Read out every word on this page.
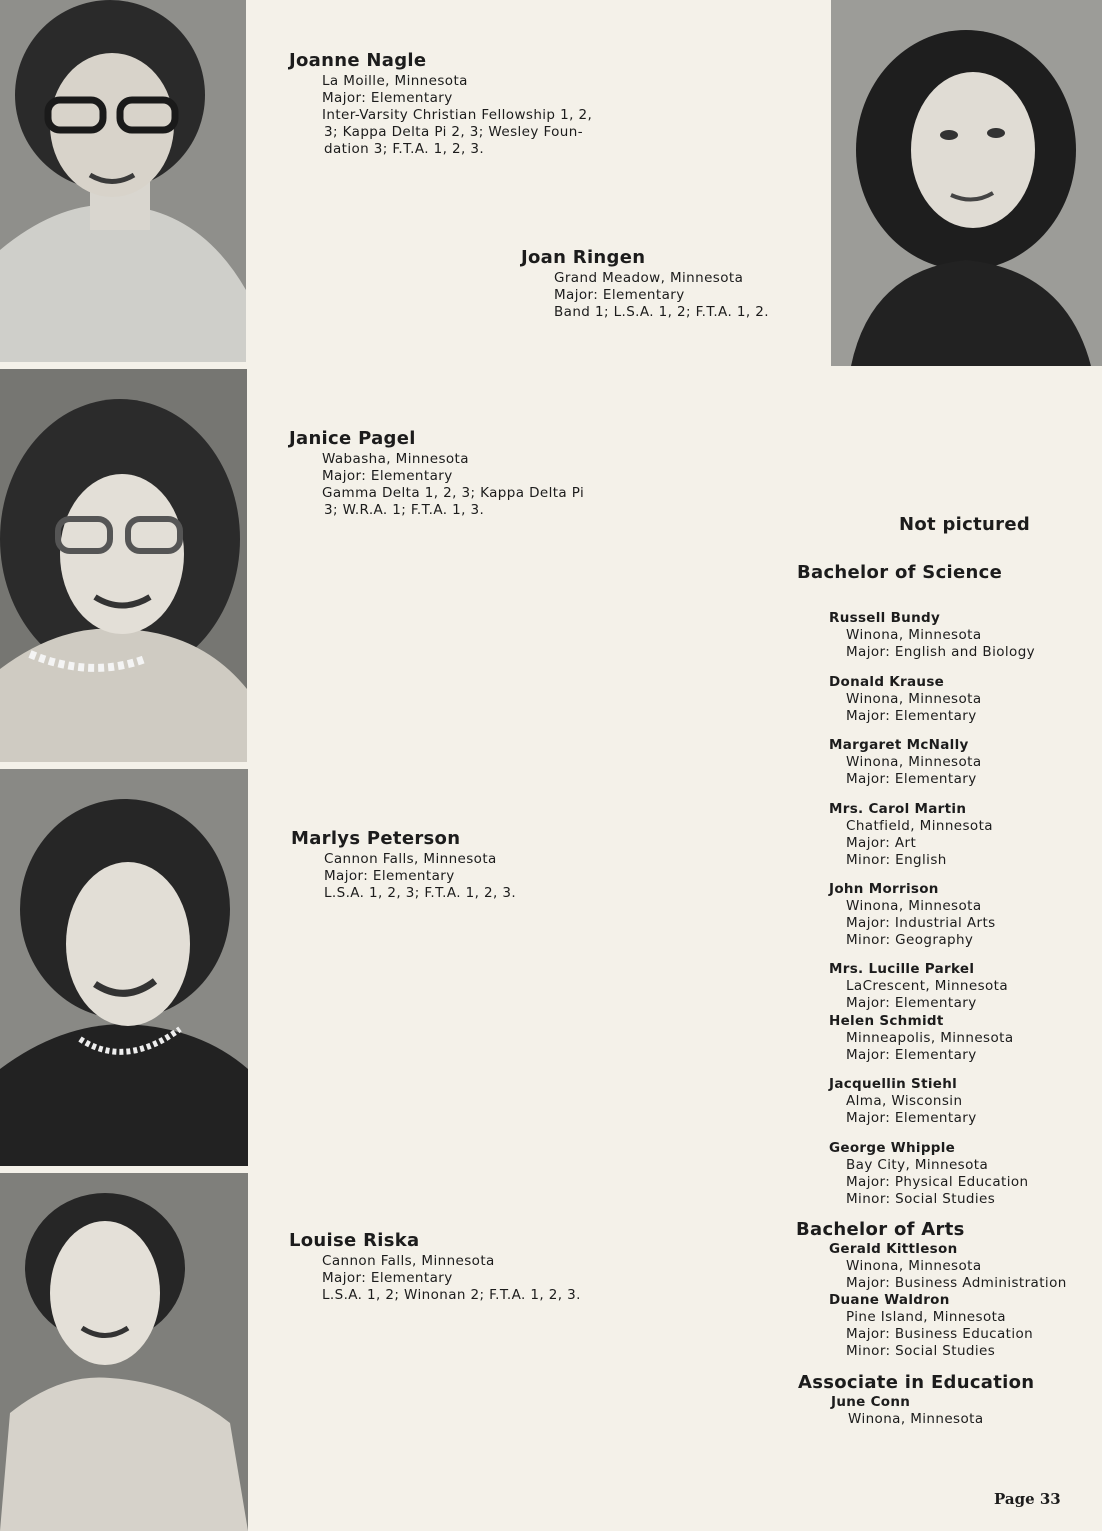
Joanne Nagle
La Moille, Minnesota
Major: Elementary
Inter-Varsity Christian Fellowship 1, 2,
3; Kappa Delta Pi 2, 3; Wesley Foun-
dation 3; F.T.A. 1, 2, 3.
Joan Ringen
Grand Meadow, Minnesota
Major: Elementary
Band 1; L.S.A. 1, 2; F.T.A. 1, 2.
Janice Pagel
Wabasha, Minnesota
Major: Elementary
Gamma Delta 1, 2, 3; Kappa Delta Pi
3; W.R.A. 1; F.T.A. 1, 3.
Marlys Peterson
Cannon Falls, Minnesota
Major: Elementary
L.S.A. 1, 2, 3; F.T.A. 1, 2, 3.
Louise Riska
Cannon Falls, Minnesota
Major: Elementary
L.S.A. 1, 2; Winonan 2; F.T.A. 1, 2, 3.
Not pictured
Bachelor of Science
Russell Bundy
Winona, Minnesota
Major: English and Biology
Donald Krause
Winona, Minnesota
Major: Elementary
Margaret McNally
Winona, Minnesota
Major: Elementary
Mrs. Carol Martin
Chatfield, Minnesota
Major: Art
Minor: English
John Morrison
Winona, Minnesota
Major: Industrial Arts
Minor: Geography
Mrs. Lucille Parkel
LaCrescent, Minnesota
Major: Elementary
Helen Schmidt
Minneapolis, Minnesota
Major: Elementary
Jacquellin Stiehl
Alma, Wisconsin
Major: Elementary
George Whipple
Bay City, Minnesota
Major: Physical Education
Minor: Social Studies
Bachelor of Arts
Gerald Kittleson
Winona, Minnesota
Major: Business Administration
Duane Waldron
Pine Island, Minnesota
Major: Business Education
Minor: Social Studies
Associate in Education
June Conn
Winona, Minnesota
Page 33
